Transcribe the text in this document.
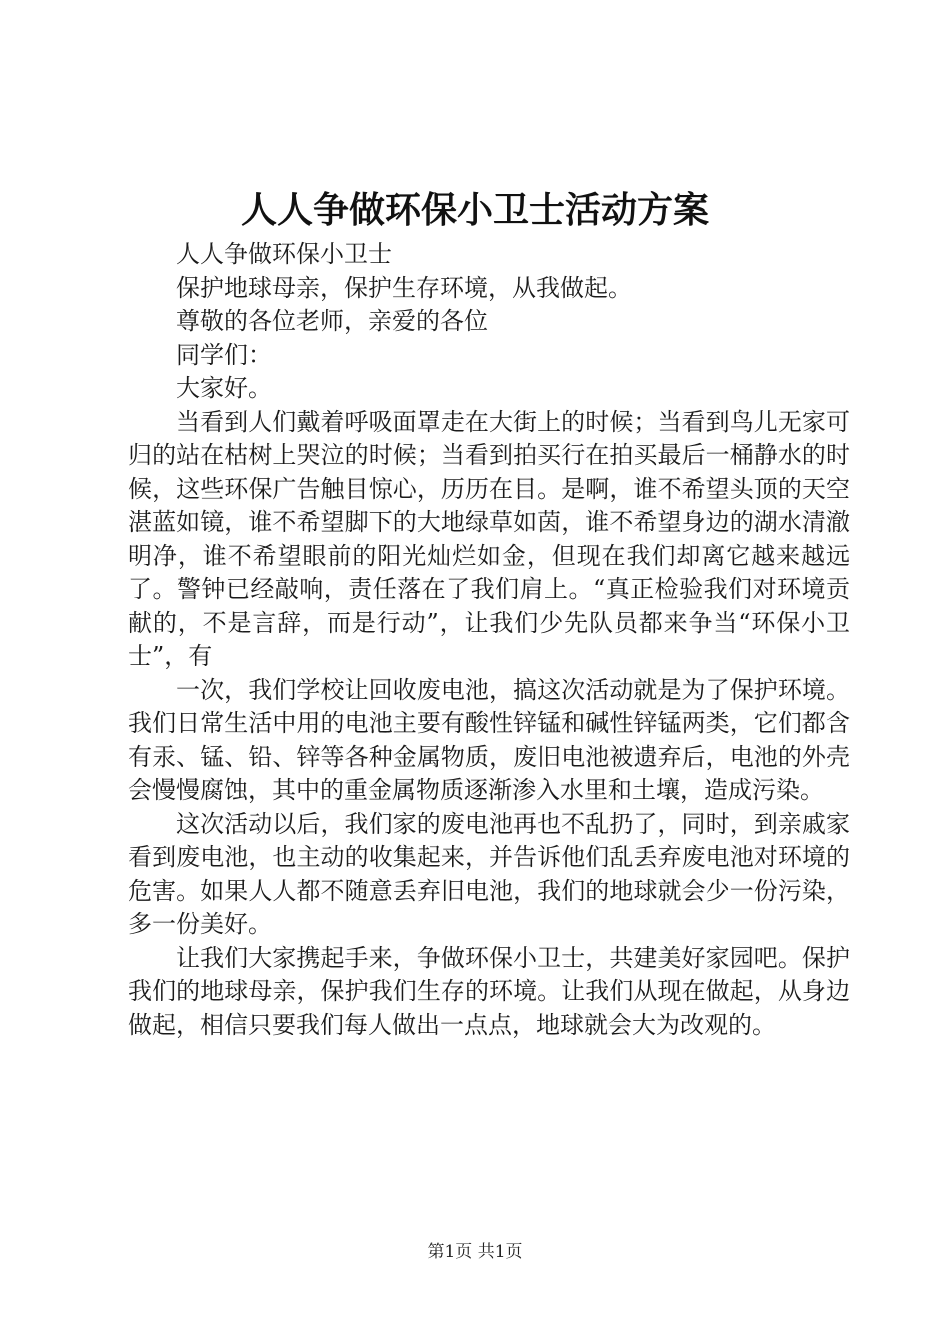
人人争做环保小卫士活动方案

人人争做环保小卫士

保护地球母亲，保护生存环境，从我做起。

尊敬的各位老师，亲爱的各位

同学们：

大家好。

当看到人们戴着呼吸面罩走在大街上的时候；当看到鸟儿无家可归的站在枯树上哭泣的时候；当看到拍买行在拍买最后一桶静水的时候，这些环保广告触目惊心，历历在目。是啊，谁不希望头顶的天空湛蓝如镜，谁不希望脚下的大地绿草如茵，谁不希望身边的湖水清澈明净，谁不希望眼前的阳光灿烂如金，但现在我们却离它越来越远了。警钟已经敲响，责任落在了我们肩上。“真正检验我们对环境贡献的，不是言辞，而是行动”，让我们少先队员都来争当“环保小卫士”，有

一次，我们学校让回收废电池，搞这次活动就是为了保护环境。我们日常生活中用的电池主要有酸性锌锰和碱性锌锰两类，它们都含有汞、锰、铅、锌等各种金属物质，废旧电池被遗弃后，电池的外壳会慢慢腐蚀，其中的重金属物质逐渐渗入水里和土壤，造成污染。

这次活动以后，我们家的废电池再也不乱扔了，同时，到亲戚家看到废电池，也主动的收集起来，并告诉他们乱丢弃废电池对环境的危害。如果人人都不随意丢弃旧电池，我们的地球就会少一份污染，多一份美好。

让我们大家携起手来，争做环保小卫士，共建美好家园吧。保护我们的地球母亲，保护我们生存的环境。让我们从现在做起，从身边做起，相信只要我们每人做出一点点，地球就会大为改观的。

第1页 共1页
